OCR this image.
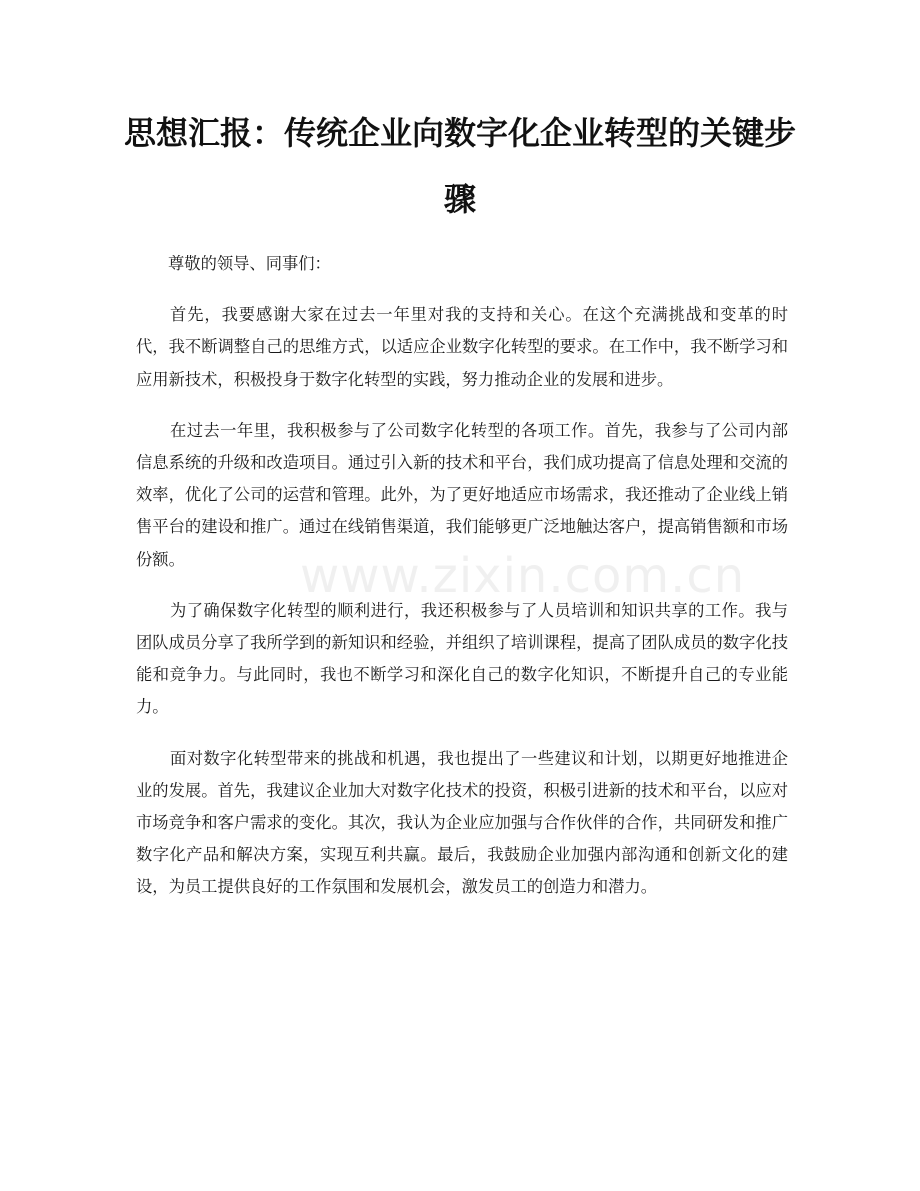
思想汇报：传统企业向数字化企业转型的关键步骤

尊敬的领导、同事们：

首先，我要感谢大家在过去一年里对我的支持和关心。在这个充满挑战和变革的时代，我不断调整自己的思维方式，以适应企业数字化转型的要求。在工作中，我不断学习和应用新技术，积极投身于数字化转型的实践，努力推动企业的发展和进步。

在过去一年里，我积极参与了公司数字化转型的各项工作。首先，我参与了公司内部信息系统的升级和改造项目。通过引入新的技术和平台，我们成功提高了信息处理和交流的效率，优化了公司的运营和管理。此外，为了更好地适应市场需求，我还推动了企业线上销售平台的建设和推广。通过在线销售渠道，我们能够更广泛地触达客户，提高销售额和市场份额。

为了确保数字化转型的顺利进行，我还积极参与了人员培训和知识共享的工作。我与团队成员分享了我所学到的新知识和经验，并组织了培训课程，提高了团队成员的数字化技能和竞争力。与此同时，我也不断学习和深化自己的数字化知识，不断提升自己的专业能力。

面对数字化转型带来的挑战和机遇，我也提出了一些建议和计划，以期更好地推进企业的发展。首先，我建议企业加大对数字化技术的投资，积极引进新的技术和平台，以应对市场竞争和客户需求的变化。其次，我认为企业应加强与合作伙伴的合作，共同研发和推广数字化产品和解决方案，实现互利共赢。最后，我鼓励企业加强内部沟通和创新文化的建设，为员工提供良好的工作氛围和发展机会，激发员工的创造力和潜力。

www.zixin.com.cn
